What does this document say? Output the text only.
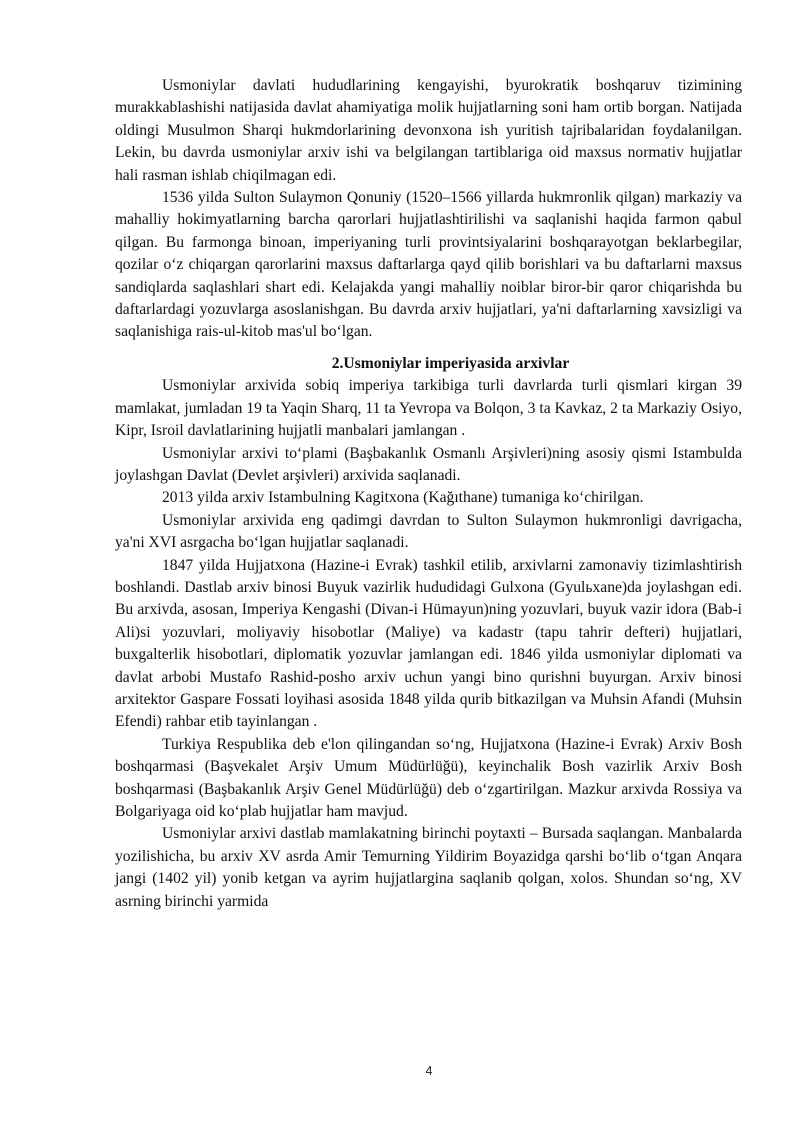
Usmoniylar davlati hududlarining kengayishi, byurokratik boshqaruv tizimining murakkablashishi natijasida davlat ahamiyatiga molik hujjatlarning soni ham ortib borgan. Natijada oldingi Musulmon Sharqi hukmdorlarining devonxona ish yuritish tajribalaridan foydalanilgan. Lekin, bu davrda usmoniylar arxiv ishi va belgilangan tartiblariga oid maxsus normativ hujjatlar hali rasman ishlab chiqilmagan edi.

1536 yilda Sulton Sulaymon Qonuniy (1520–1566 yillarda hukmronlik qilgan) markaziy va mahalliy hokimyatlarning barcha qarorlari hujjatlashtirilishi va saqlanishi haqida farmon qabul qilgan. Bu farmonga binoan, imperiyaning turli provintsiyalarini boshqarayotgan beklarbegilar, qozilar o‘z chiqargan qarorlarini maxsus daftarlarga qayd qilib borishlari va bu daftarlarni maxsus sandiqlarda saqlashlari shart edi. Kelajakda yangi mahalliy noiblar biror-bir qaror chiqarishda bu daftarlardagi yozuvlarga asoslanishgan. Bu davrda arxiv hujjatlari, ya'ni daftarlarning xavsizligi va saqlanishiga rais-ul-kitob mas'ul bo‘lgan.

2.Usmoniylar imperiyasida arxivlar

Usmoniylar arxivida sobiq imperiya tarkibiga turli davrlarda turli qismlari kirgan 39 mamlakat, jumladan 19 ta Yaqin Sharq, 11 ta Yevropa va Bolqon, 3 ta Kavkaz, 2 ta Markaziy Osiyo, Kipr, Isroil davlatlarining hujjatli manbalari jamlangan .

Usmoniylar arxivi to‘plami (Başbakanlık Osmanlı Arşivleri)ning asosiy qismi Istambulda joylashgan Davlat (Devlet arşivleri) arxivida saqlanadi.

2013 yilda arxiv Istambulning Kagitxona (Kağıthane) tumaniga ko‘chirilgan.

Usmoniylar arxivida eng qadimgi davrdan to Sulton Sulaymon hukmronligi davrigacha, ya'ni XVI asrgacha bo‘lgan hujjatlar saqlanadi.

1847 yilda Hujjatxona (Hazine-i Evrak) tashkil etilib, arxivlarni zamonaviy tizimlashtirish boshlandi. Dastlab arxiv binosi Buyuk vazirlik hududidagi Gulxona (Gyulьxane)da joylashgan edi. Bu arxivda, asosan, Imperiya Kengashi (Divan-i Hümayun)ning yozuvlari, buyuk vazir idora (Bab-i Ali)si yozuvlari, moliyaviy hisobotlar (Maliye) va kadastr (tapu tahrir defteri) hujjatlari, buxgalterlik hisobotlari, diplomatik yozuvlar jamlangan edi. 1846 yilda usmoniylar diplomati va davlat arbobi Mustafo Rashid-posho arxiv uchun yangi bino qurishni buyurgan. Arxiv binosi arxitektor Gaspare Fossati loyihasi asosida 1848 yilda qurib bitkazilgan va Muhsin Afandi (Muhsin Efendi) rahbar etib tayinlangan .

Turkiya Respublika deb e'lon qilingandan so‘ng, Hujjatxona (Hazine-i Evrak) Arxiv Bosh boshqarmasi (Başvekalet Arşiv Umum Müdürlüğü), keyinchalik Bosh vazirlik Arxiv Bosh boshqarmasi (Başbakanlık Arşiv Genel Müdürlüğü) deb o‘zgartirilgan. Mazkur arxivda Rossiya va Bolgariyaga oid ko‘plab hujjatlar ham mavjud.

Usmoniylar arxivi dastlab mamlakatning birinchi poytaxti – Bursada saqlangan. Manbalarda yozilishicha, bu arxiv XV asrda Amir Temurning Yildirim Boyazidga qarshi bo‘lib o‘tgan Anqara jangi (1402 yil) yonib ketgan va ayrim hujjatlargina saqlanib qolgan, xolos. Shundan so‘ng, XV asrning birinchi yarmida

4
